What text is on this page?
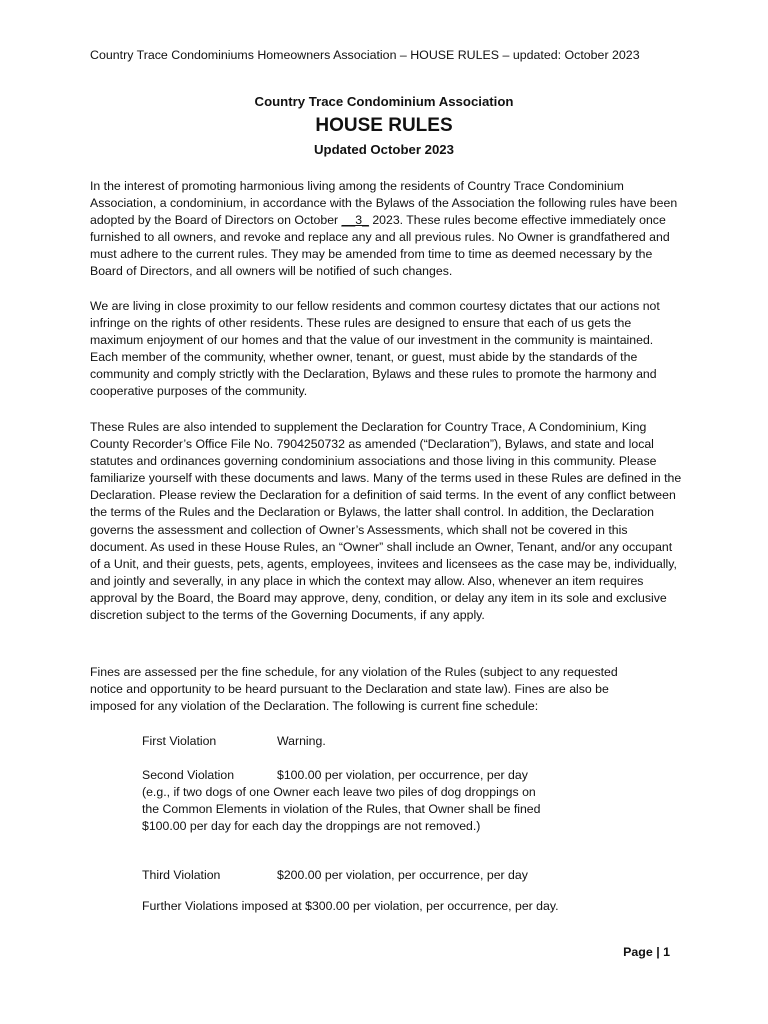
Country Trace Condominiums Homeowners Association – HOUSE RULES – updated: October 2023
Country Trace Condominium Association
HOUSE RULES
Updated October 2023

In the interest of promoting harmonious living among the residents of Country Trace Condominium Association, a condominium, in accordance with the Bylaws of the Association the following rules have been adopted by the Board of Directors on October __3_ 2023. These rules become effective immediately once furnished to all owners, and revoke and replace any and all previous rules. No Owner is grandfathered and must adhere to the current rules. They may be amended from time to time as deemed necessary by the Board of Directors, and all owners will be notified of such changes.

We are living in close proximity to our fellow residents and common courtesy dictates that our actions not infringe on the rights of other residents. These rules are designed to ensure that each of us gets the maximum enjoyment of our homes and that the value of our investment in the community is maintained. Each member of the community, whether owner, tenant, or guest, must abide by the standards of the community and comply strictly with the Declaration, Bylaws and these rules to promote the harmony and cooperative purposes of the community.

These Rules are also intended to supplement the Declaration for Country Trace, A Condominium, King County Recorder’s Office File No. 7904250732 as amended (“Declaration”), Bylaws, and state and local statutes and ordinances governing condominium associations and those living in this community. Please familiarize yourself with these documents and laws. Many of the terms used in these Rules are defined in the Declaration. Please review the Declaration for a definition of said terms. In the event of any conflict between the terms of the Rules and the Declaration or Bylaws, the latter shall control. In addition, the Declaration governs the assessment and collection of Owner’s Assessments, which shall not be covered in this document. As used in these House Rules, an “Owner” shall include an Owner, Tenant, and/or any occupant of a Unit, and their guests, pets, agents, employees, invitees and licensees as the case may be, individually, and jointly and severally, in any place in which the context may allow. Also, whenever an item requires approval by the Board, the Board may approve, deny, condition, or delay any item in its sole and exclusive discretion subject to the terms of the Governing Documents, if any apply.

Fines are assessed per the fine schedule, for any violation of the Rules (subject to any requested notice and opportunity to be heard pursuant to the Declaration and state law). Fines are also be imposed for any violation of the Declaration. The following is current fine schedule:

First Violation	Warning.
Second Violation	$100.00 per violation, per occurrence, per day
(e.g., if two dogs of one Owner each leave two piles of dog droppings on the Common Elements in violation of the Rules, that Owner shall be fined $100.00 per day for each day the droppings are not removed.)
Third Violation	$200.00 per violation, per occurrence, per day
Further Violations imposed at $300.00 per violation, per occurrence, per day.
Page | 1
